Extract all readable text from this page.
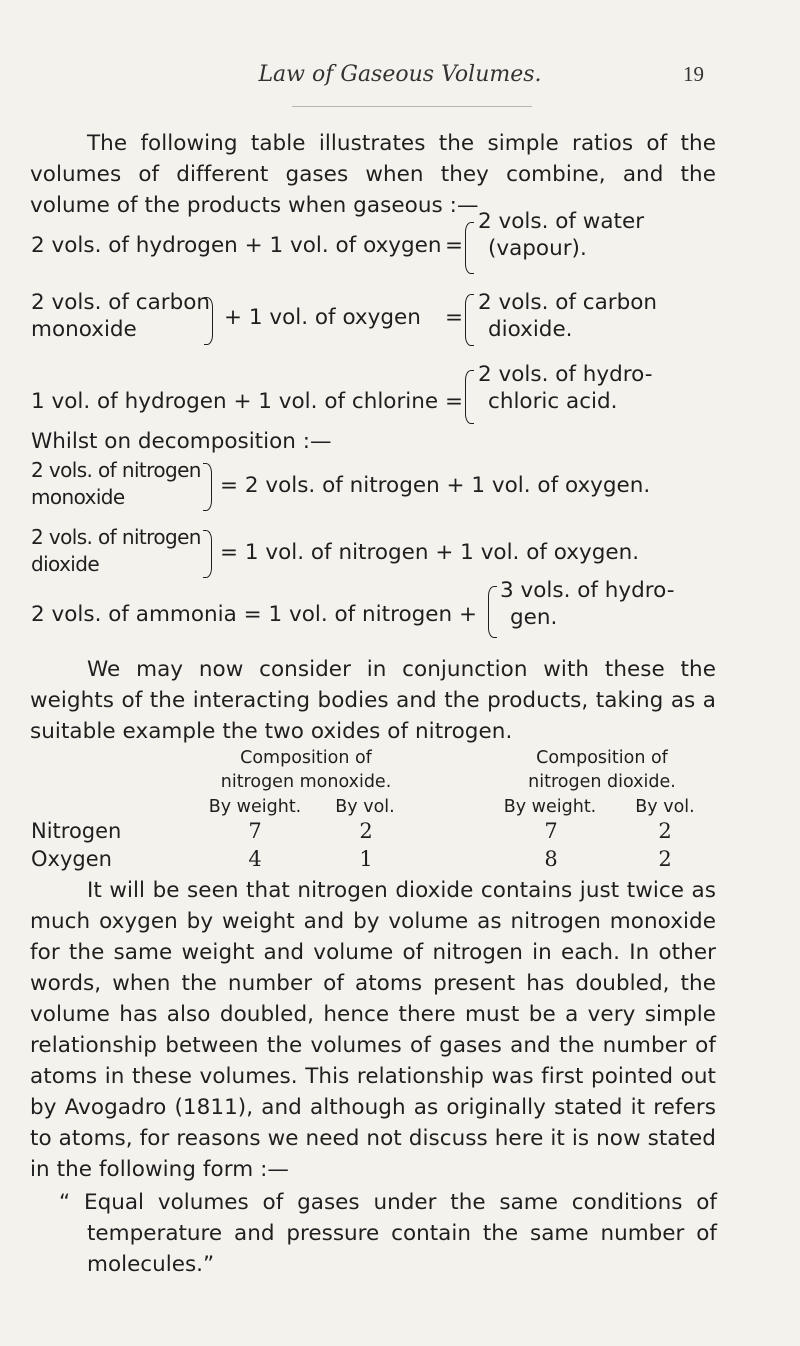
Law of Gaseous Volumes.	19
The following table illustrates the simple ratios of the volumes of different gases when they combine, and the volume of the products when gaseous :—
2 vols. of hydrogen + 1 vol. of oxygen =
2 vols. of water
(vapour).
2 vols. of carbon
monoxide	+ 1 vol. of oxygen =
2 vols. of carbon
dioxide.
1 vol. of hydrogen + 1 vol. of chlorine =
2 vols. of hydro-
chloric acid.
Whilst on decomposition :—
2 vols. of nitrogen
monoxide	= 2 vols. of nitrogen + 1 vol. of oxygen.
2 vols. of nitrogen
dioxide	= 1 vol. of nitrogen + 1 vol. of oxygen.
2 vols. of ammonia = 1 vol. of nitrogen +
3 vols. of hydro-
gen.
We may now consider in conjunction with these the weights of the interacting bodies and the products, taking as a suitable example the two oxides of nitrogen.
Composition of
nitrogen monoxide.
Composition of
nitrogen dioxide.
By weight.	By vol.	By weight.	By vol.
Nitrogen	7	2	7	2
Oxygen	4	1	8	2
It will be seen that nitrogen dioxide contains just twice as much oxygen by weight and by volume as nitrogen monoxide for the same weight and volume of nitrogen in each. In other words, when the number of atoms present has doubled, the volume has also doubled, hence there must be a very simple relationship between the volumes of gases and the number of atoms in these volumes. This relationship was first pointed out by Avogadro (1811), and although as originally stated it refers to atoms, for reasons we need not discuss here it is now stated in the following form :—
“ Equal volumes of gases under the same conditions of temperature and pressure contain the same number of molecules.”
